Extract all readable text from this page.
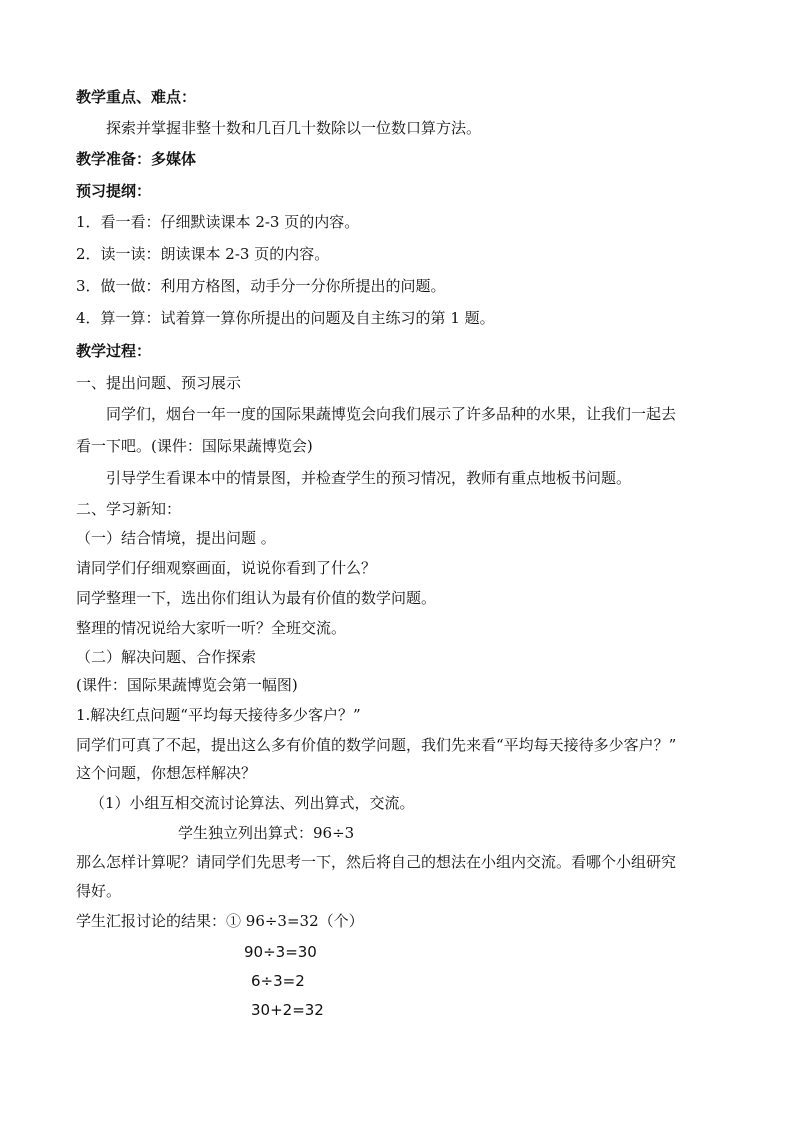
教学重点、难点：
探索并掌握非整十数和几百几十数除以一位数口算方法。
教学准备：多媒体
预习提纲：
1．看一看：仔细默读课本 2-3 页的内容。
2．读一读：朗读课本 2-3 页的内容。
3．做一做：利用方格图，动手分一分你所提出的问题。
4．算一算：试着算一算你所提出的问题及自主练习的第 1 题。
教学过程：
一、提出问题、预习展示
同学们，烟台一年一度的国际果蔬博览会向我们展示了许多品种的水果，让我们一起去
看一下吧。(课件：国际果蔬博览会)
引导学生看课本中的情景图，并检查学生的预习情况，教师有重点地板书问题。
二、学习新知：
（一）结合情境，提出问题 。
请同学们仔细观察画面，说说你看到了什么？
同学整理一下，选出你们组认为最有价值的数学问题。
整理的情况说给大家听一听？全班交流。
（二）解决问题、合作探索
(课件：国际果蔬博览会第一幅图)
1.解决红点问题“平均每天接待多少客户？”
同学们可真了不起，提出这么多有价值的数学问题，我们先来看“平均每天接待多少客户？”
这个问题，你想怎样解决？
（1）小组互相交流讨论算法、列出算式，交流。
学生独立列出算式：96÷3
那么怎样计算呢？请同学们先思考一下，然后将自己的想法在小组内交流。看哪个小组研究
得好。
学生汇报讨论的结果：① 96÷3=32（个）
90÷3=30
6÷3=2
30+2=32
